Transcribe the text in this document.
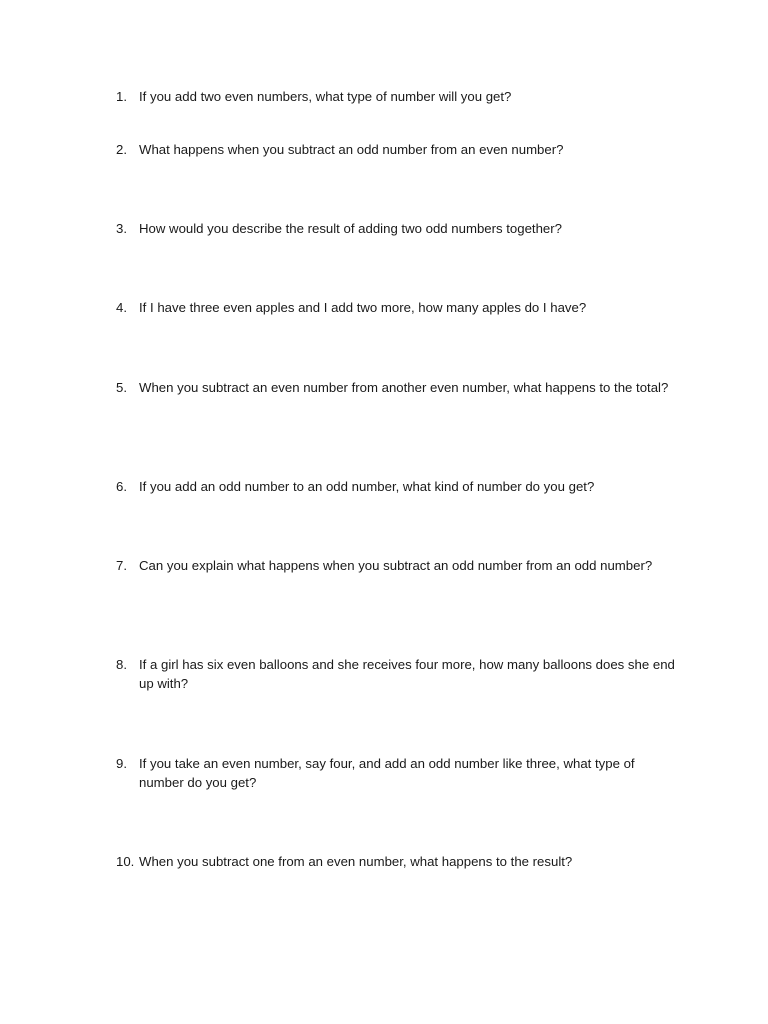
1. If you add two even numbers, what type of number will you get?
2. What happens when you subtract an odd number from an even number?
3. How would you describe the result of adding two odd numbers together?
4. If I have three even apples and I add two more, how many apples do I have?
5. When you subtract an even number from another even number, what happens to the total?
6. If you add an odd number to an odd number, what kind of number do you get?
7. Can you explain what happens when you subtract an odd number from an odd number?
8. If a girl has six even balloons and she receives four more, how many balloons does she end up with?
9. If you take an even number, say four, and add an odd number like three, what type of number do you get?
10. When you subtract one from an even number, what happens to the result?
